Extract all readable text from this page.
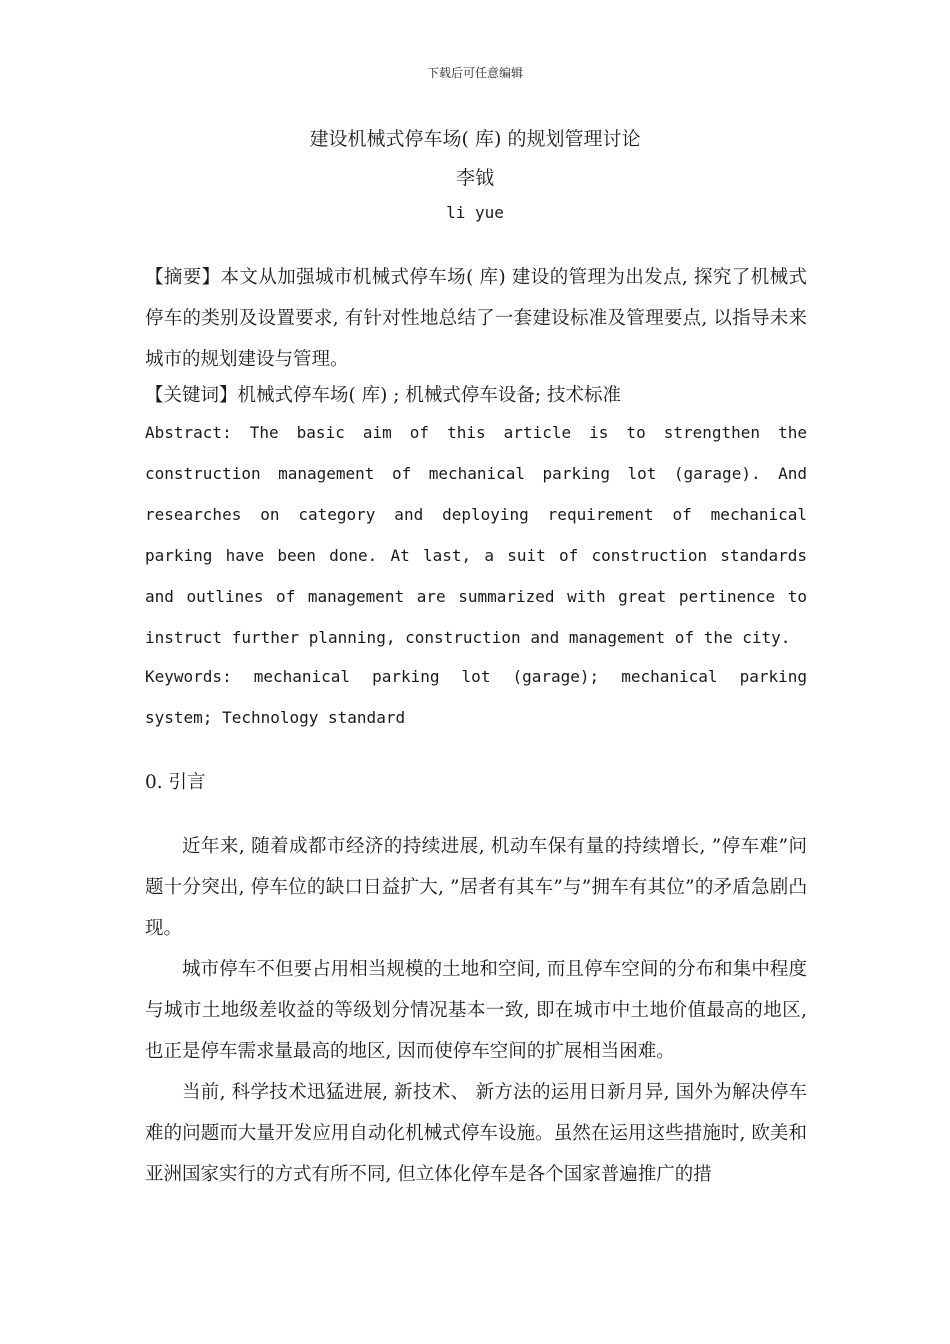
下载后可任意编辑
建设机械式停车场( 库) 的规划管理讨论
李钺
li yue

【摘要】本文从加强城市机械式停车场( 库) 建设的管理为出发点, 探究了机械式停车的类别及设置要求, 有针对性地总结了一套建设标准及管理要点, 以指导未来城市的规划建设与管理。

【关键词】机械式停车场( 库) ; 机械式停车设备; 技术标准

Abstract: The basic aim of this article is to strengthen the construction management of mechanical parking lot (garage). And researches on category and deploying requirement of mechanical parking have been done. At last, a suit of construction standards and outlines of management are summarized with great pertinence to instruct further planning, construction and management of the city.

Keywords: mechanical parking lot (garage); mechanical parking system; Technology standard

0. 引言

近年来, 随着成都市经济的持续进展, 机动车保有量的持续增长, ”停车难”问题十分突出, 停车位的缺口日益扩大, ”居者有其车”与”拥车有其位”的矛盾急剧凸现。

城市停车不但要占用相当规模的土地和空间, 而且停车空间的分布和集中程度与城市土地级差收益的等级划分情况基本一致, 即在城市中土地价值最高的地区, 也正是停车需求量最高的地区, 因而使停车空间的扩展相当困难。

当前, 科学技术迅猛进展, 新技术、 新方法的运用日新月异, 国外为解决停车难的问题而大量开发应用自动化机械式停车设施。虽然在运用这些措施时, 欧美和亚洲国家实行的方式有所不同, 但立体化停车是各个国家普遍推广的措
